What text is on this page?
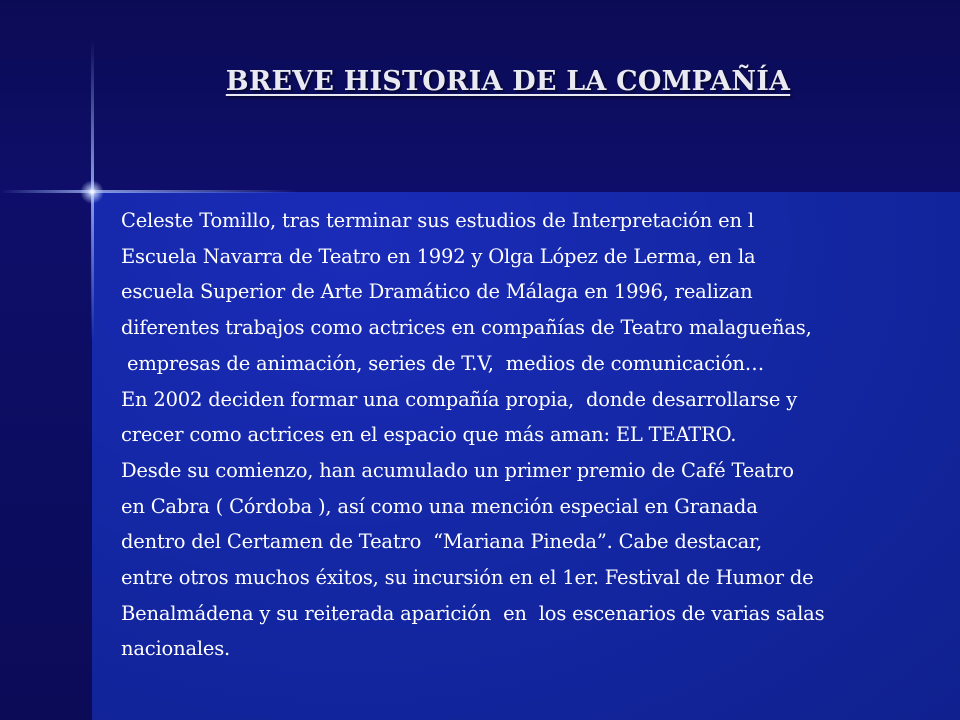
BREVE HISTORIA DE LA COMPAÑÍA
Celeste Tomillo, tras terminar sus estudios de Interpretación en l
Escuela Navarra de Teatro en 1992 y Olga López de Lerma, en la
escuela Superior de Arte Dramático de Málaga en 1996, realizan
diferentes trabajos como actrices en compañías de Teatro malagueñas,
empresas de animación, series de T.V,  medios de comunicación…
En 2002 deciden formar una compañía propia,  donde desarrollarse y
crecer como actrices en el espacio que más aman: EL TEATRO.
Desde su comienzo, han acumulado un primer premio de Café Teatro
en Cabra ( Córdoba ), así como una mención especial en Granada
dentro del Certamen de Teatro  “Mariana Pineda”. Cabe destacar,
entre otros muchos éxitos, su incursión en el 1er. Festival de Humor de
Benalmádena y su reiterada aparición  en  los escenarios de varias salas
nacionales.
